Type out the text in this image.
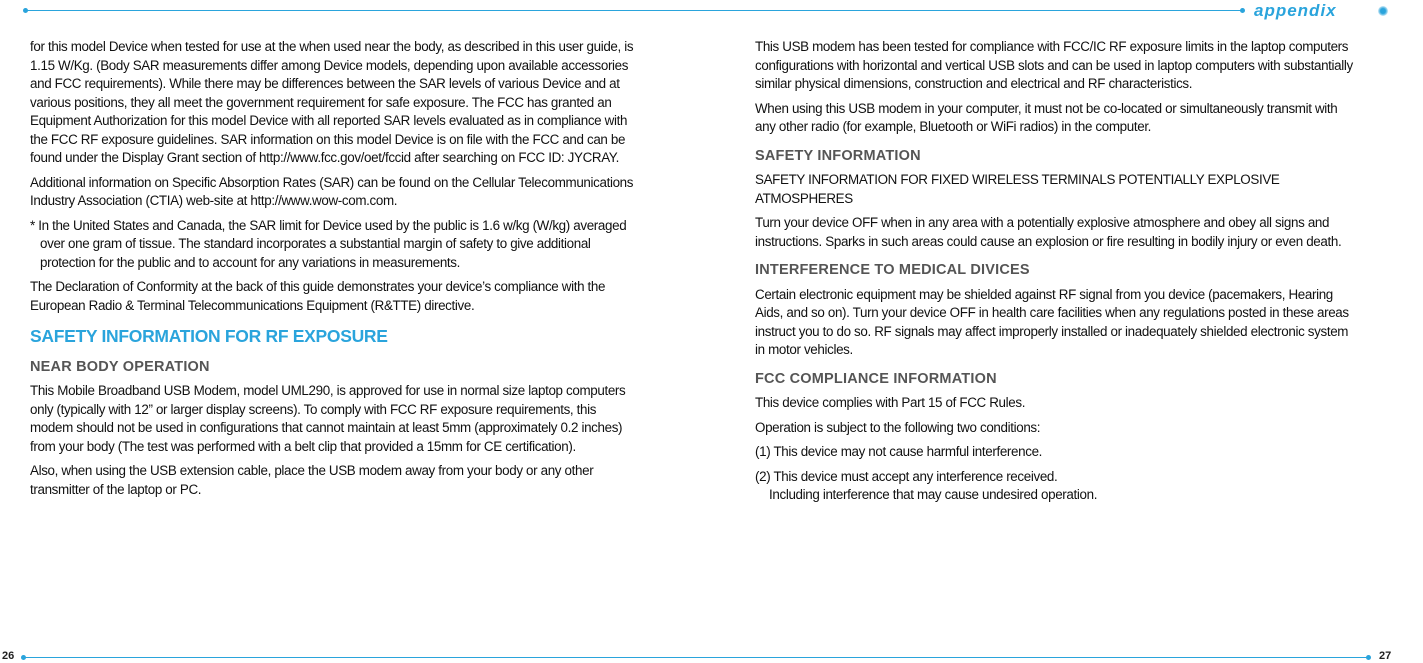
appendix
26	27

for this model Device when tested for use at the when used near the body, as described in this user guide, is 1.15 W/Kg. (Body SAR measurements differ among Device models, depending upon available accessories and FCC requirements). While there may be differences between the SAR levels of various Device and at various positions, they all meet the government requirement for safe exposure. The FCC has granted an Equipment Authorization for this model Device with all reported SAR levels evaluated as in compliance with the FCC RF exposure guidelines. SAR information on this model Device is on file with the FCC and can be found under the Display Grant section of http://www.fcc.gov/oet/fccid after searching on FCC ID: JYCRAY.

Additional information on Specific Absorption Rates (SAR) can be found on the Cellular Telecommunications Industry Association (CTIA) web-site at http://www.wow-com.com.

* In the United States and Canada, the SAR limit for Device used by the public is 1.6 w/kg (W/kg) averaged over one gram of tissue. The standard incorporates a substantial margin of safety to give additional protection for the public and to account for any variations in measurements.

The Declaration of Conformity at the back of this guide demonstrates your device’s compliance with the European Radio & Terminal Telecommunications Equipment (R&TTE) directive.

SAFETY INFORMATION FOR RF EXPOSURE
NEAR BODY OPERATION

This Mobile Broadband USB Modem, model UML290, is approved for use in normal size laptop computers only (typically with 12” or larger display screens). To comply with FCC RF exposure requirements, this modem should not be used in configurations that cannot maintain at least 5mm (approximately 0.2 inches) from your body (The test was performed with a belt clip that provided a 15mm for CE certification).

Also, when using the USB extension cable, place the USB modem away from your body or any other transmitter of the laptop or PC.

This USB modem has been tested for compliance with FCC/IC RF exposure limits in the laptop computers configurations with horizontal and vertical USB slots and can be used in laptop computers with substantially similar physical dimensions, construction and electrical and RF characteristics.

When using this USB modem in your computer, it must not be co-located or simultaneously transmit with any other radio (for example, Bluetooth or WiFi radios) in the computer.

SAFETY INFORMATION

SAFETY INFORMATION FOR FIXED WIRELESS TERMINALS POTENTIALLY EXPLOSIVE ATMOSPHERES

Turn your device OFF when in any area with a potentially explosive atmosphere and obey all signs and instructions. Sparks in such areas could cause an explosion or fire resulting in bodily injury or even death.

INTERFERENCE TO MEDICAL DIVICES

Certain electronic equipment may be shielded against RF signal from you device (pacemakers, Hearing Aids, and so on). Turn your device OFF in health care facilities when any regulations posted in these areas instruct you to do so. RF signals may affect improperly installed or inadequately shielded electronic system in motor vehicles.

FCC COMPLIANCE INFORMATION

This device complies with Part 15 of FCC Rules.

Operation is subject to the following two conditions:

(1) This device may not cause harmful interference.
(2) This device must accept any interference received.
Including interference that may cause undesired operation.
